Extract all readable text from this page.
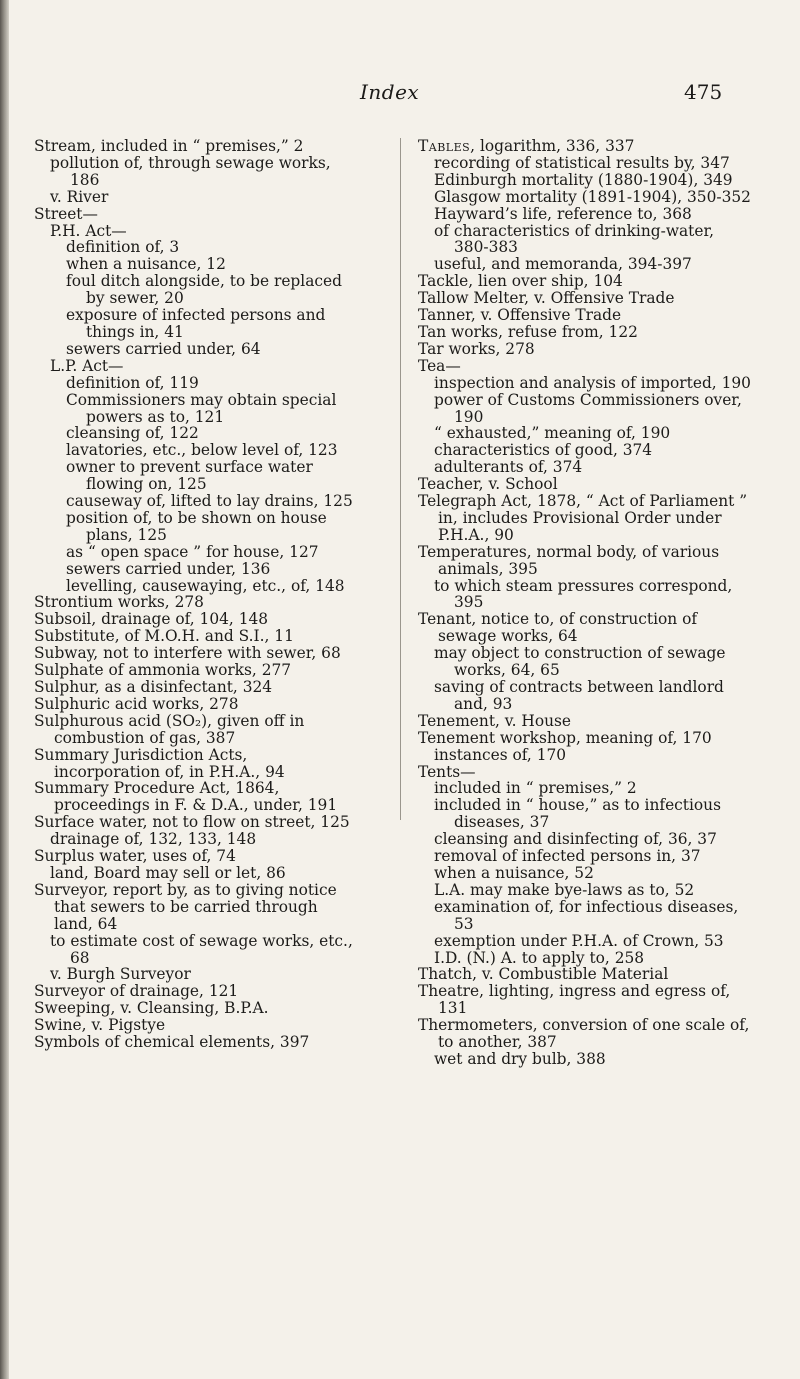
Index	475
Stream, included in “ premises,” 2
pollution of, through sewage works, 186
v. River
Street—
P.H. Act—
definition of, 3
when a nuisance, 12
foul ditch alongside, to be replaced by sewer, 20
exposure of infected persons and things in, 41
sewers carried under, 64
L.P. Act—
definition of, 119
Commissioners may obtain special powers as to, 121
cleansing of, 122
lavatories, etc., below level of, 123
owner to prevent surface water flowing on, 125
causeway of, lifted to lay drains, 125
position of, to be shown on house plans, 125
as “ open space ” for house, 127
sewers carried under, 136
levelling, causewaying, etc., of, 148
Strontium works, 278
Subsoil, drainage of, 104, 148
Substitute, of M.O.H. and S.I., 11
Subway, not to interfere with sewer, 68
Sulphate of ammonia works, 277
Sulphur, as a disinfectant, 324
Sulphuric acid works, 278
Sulphurous acid (SO₂), given off in combustion of gas, 387
Summary Jurisdiction Acts, incorporation of, in P.H.A., 94
Summary Procedure Act, 1864, proceedings in F. & D.A., under, 191
Surface water, not to flow on street, 125
drainage of, 132, 133, 148
Surplus water, uses of, 74
land, Board may sell or let, 86
Surveyor, report by, as to giving notice that sewers to be carried through land, 64
to estimate cost of sewage works, etc., 68
v. Burgh Surveyor
Surveyor of drainage, 121
Sweeping, v. Cleansing, B.P.A.
Swine, v. Pigstye
Symbols of chemical elements, 397
Tables, logarithm, 336, 337
recording of statistical results by, 347
Edinburgh mortality (1880-1904), 349
Glasgow mortality (1891-1904), 350-352
Hayward’s life, reference to, 368
of characteristics of drinking-water, 380-383
useful, and memoranda, 394-397
Tackle, lien over ship, 104
Tallow Melter, v. Offensive Trade
Tanner, v. Offensive Trade
Tan works, refuse from, 122
Tar works, 278
Tea—
inspection and analysis of imported, 190
power of Customs Commissioners over, 190
“ exhausted,” meaning of, 190
characteristics of good, 374
adulterants of, 374
Teacher, v. School
Telegraph Act, 1878, “ Act of Parliament ” in, includes Provisional Order under P.H.A., 90
Temperatures, normal body, of various animals, 395
to which steam pressures correspond, 395
Tenant, notice to, of construction of sewage works, 64
may object to construction of sewage works, 64, 65
saving of contracts between landlord and, 93
Tenement, v. House
Tenement workshop, meaning of, 170
instances of, 170
Tents—
included in “ premises,” 2
included in “ house,” as to infectious diseases, 37
cleansing and disinfecting of, 36, 37
removal of infected persons in, 37
when a nuisance, 52
L.A. may make bye-laws as to, 52
examination of, for infectious diseases, 53
exemption under P.H.A. of Crown, 53
I.D. (N.) A. to apply to, 258
Thatch, v. Combustible Material
Theatre, lighting, ingress and egress of, 131
Thermometers, conversion of one scale of, to another, 387
wet and dry bulb, 388
